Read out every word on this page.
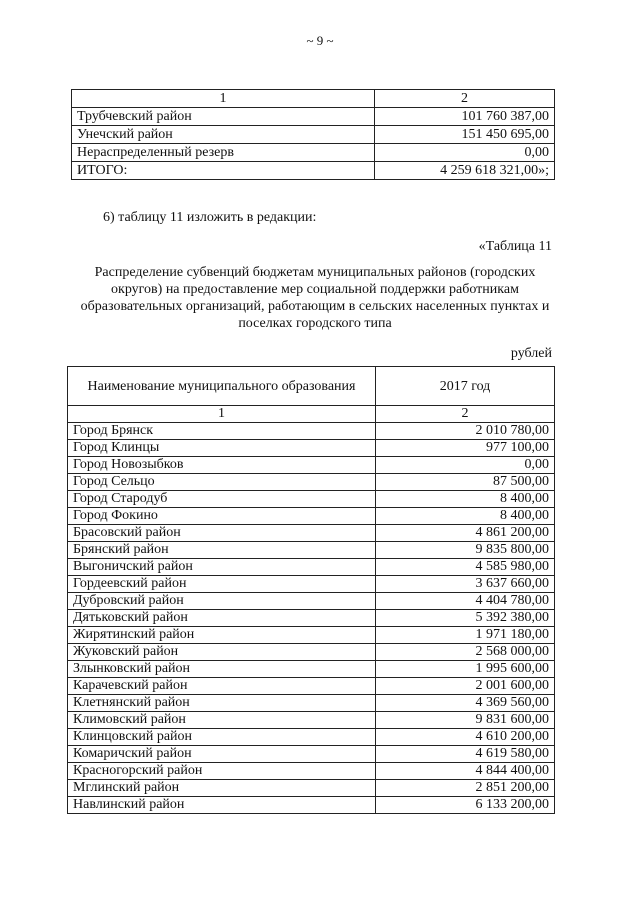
~ 9 ~
1	2
Трубчевский район	101 760 387,00
Унечский район	151 450 695,00
Нераспределенный резерв	0,00
ИТОГО:	4 259 618 321,00»;
6) таблицу 11 изложить в редакции:
«Таблица 11
Распределение субвенций бюджетам муниципальных районов (городских округов) на предоставление мер социальной поддержки работникам образовательных организаций, работающим в сельских населенных пунктах и поселках городского типа
рублей
Наименование муниципального образования	2017 год
1	2
Город Брянск	2 010 780,00
Город Клинцы	977 100,00
Город Новозыбков	0,00
Город Сельцо	87 500,00
Город Стародуб	8 400,00
Город Фокино	8 400,00
Брасовский район	4 861 200,00
Брянский район	9 835 800,00
Выгоничский район	4 585 980,00
Гордеевский район	3 637 660,00
Дубровский район	4 404 780,00
Дятьковский район	5 392 380,00
Жирятинский район	1 971 180,00
Жуковский район	2 568 000,00
Злынковский район	1 995 600,00
Карачевский район	2 001 600,00
Клетнянский район	4 369 560,00
Климовский район	9 831 600,00
Клинцовский район	4 610 200,00
Комаричский район	4 619 580,00
Красногорский район	4 844 400,00
Мглинский район	2 851 200,00
Навлинский район	6 133 200,00
